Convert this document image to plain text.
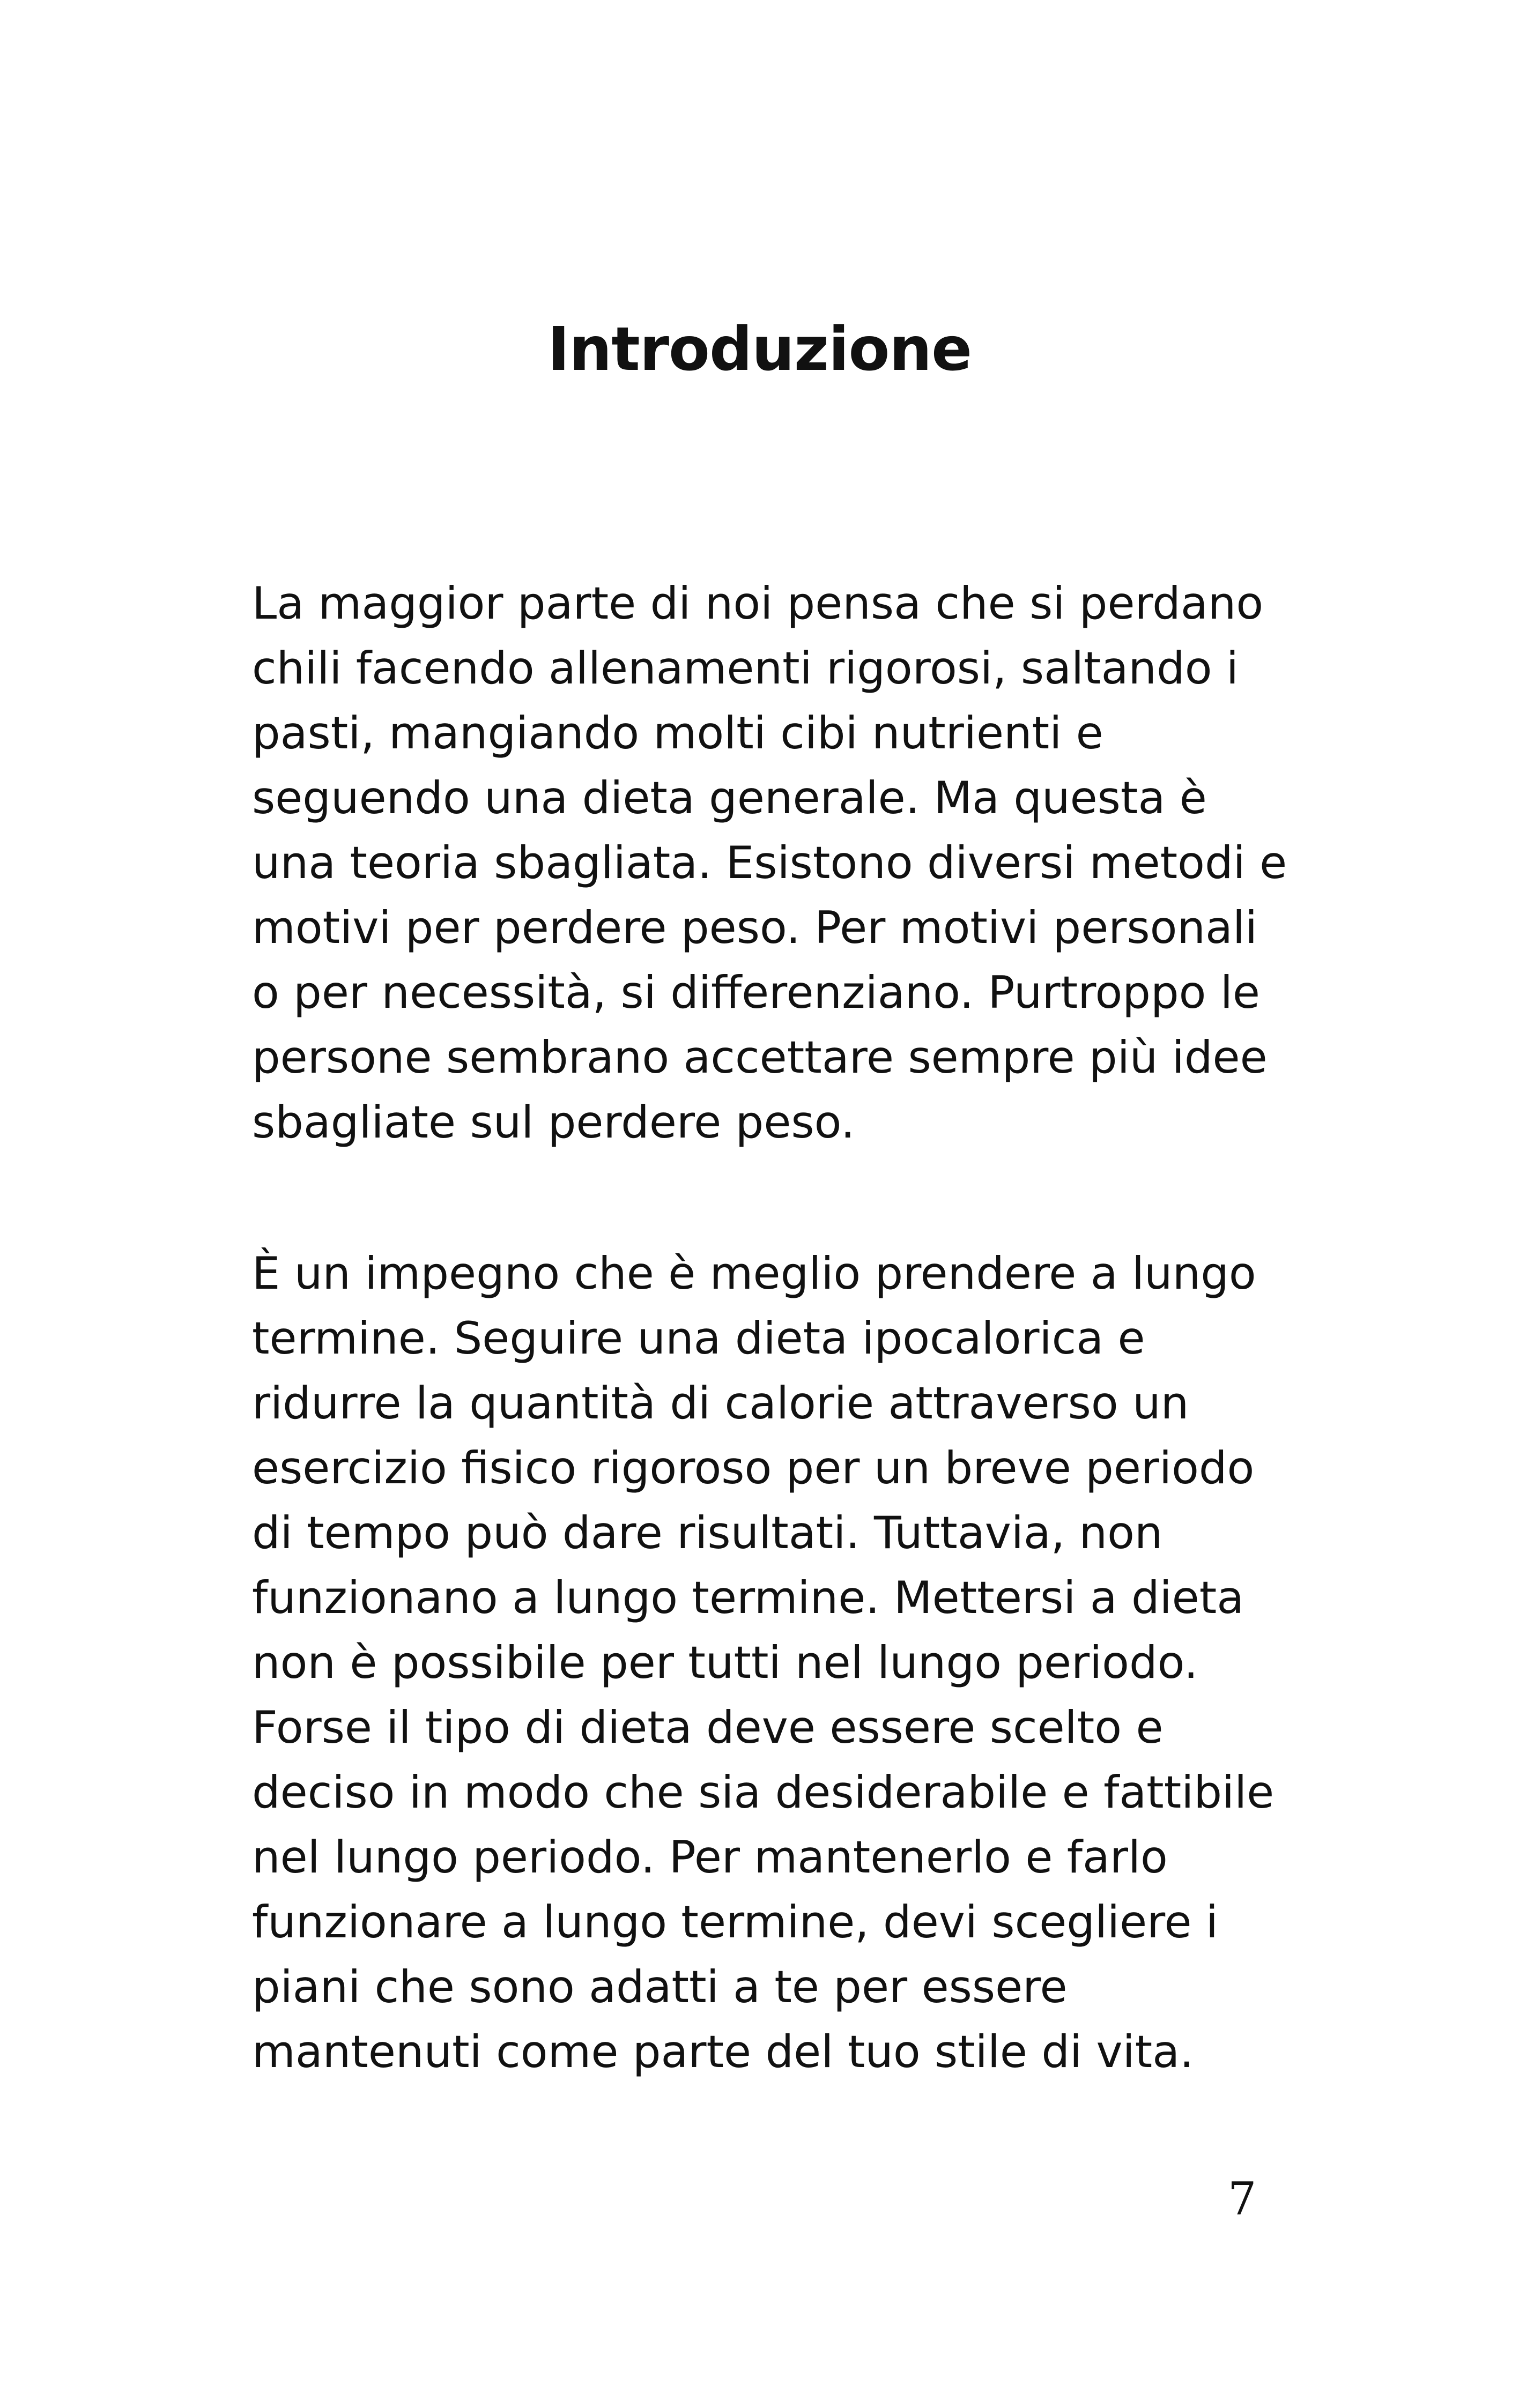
Introduzione

La maggior parte di noi pensa che si perdano
chili facendo allenamenti rigorosi, saltando i
pasti, mangiando molti cibi nutrienti e
seguendo una dieta generale. Ma questa è
una teoria sbagliata. Esistono diversi metodi e
motivi per perdere peso. Per motivi personali
o per necessità, si differenziano. Purtroppo le
persone sembrano accettare sempre più idee
sbagliate sul perdere peso.

È un impegno che è meglio prendere a lungo
termine. Seguire una dieta ipocalorica e
ridurre la quantità di calorie attraverso un
esercizio fisico rigoroso per un breve periodo
di tempo può dare risultati. Tuttavia, non
funzionano a lungo termine. Mettersi a dieta
non è possibile per tutti nel lungo periodo.
Forse il tipo di dieta deve essere scelto e
deciso in modo che sia desiderabile e fattibile
nel lungo periodo. Per mantenerlo e farlo
funzionare a lungo termine, devi scegliere i
piani che sono adatti a te per essere
mantenuti come parte del tuo stile di vita.

7
